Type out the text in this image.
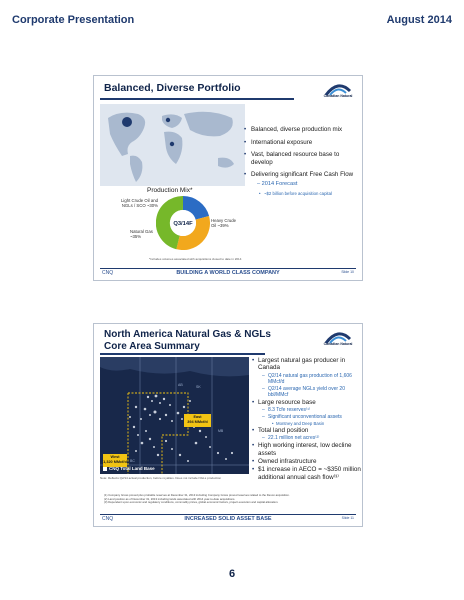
Corporate Presentation	August 2014
Balanced, Diverse Portfolio
Canadian Natural
• Balanced, diverse production mix
• International exposure
• Vast, balanced resource base to develop
• Delivering significant Free Cash Flow
– 2014 Forecast
• ~$2 billion before acquisition capital
Production Mix*
Q3/14F
Light Crude Oil and NGLs / SCO ~30%
Heavy Crude Oil ~39%
Natural Gas ~35%
*Includes volumes associated with acquisitions closed to date in 2014
CNQ	BUILDING A WORLD CLASS COMPANY	Slide 10
North America Natural Gas & NGLs
Core Area Summary	Canadian Natural
AB	SK
MB
BC
East
394 MMcf/d
West
1,320 MMcf/d
CNQ Total Land Base
Note: Reflects Q2/14 actual production, before royalties. Does not include NGLs production
• Largest natural gas producer in Canada
– Q2/14 natural gas production of 1,606 MMcf/d
– Q2/14 average NGLs yield over 20 bbl/MMcf
• Large resource base
– 8.3 Tcfe reserves⁽¹⁾
– Significant unconventional assets
• Montney and Deep Basin
• Total land position
– 22.1 million net acres⁽²⁾
• High working interest, low decline assets
• Owned infrastructure
• $1 increase in AECO = ~$350 million additional annual cash flow⁽³⁾
(1) Company Gross proved plus probable reserves at December 31, 2013 including Company Gross proved reserves related to the Devon acquisition.
(2) Land position as of December 31, 2013 including lands associated with 2014 year-to-date acquisitions.
(3) Dependent upon economic and regulatory conditions, commodity prices, global economic factors, project execution and capital allocation.
CNQ	INCREASED SOLID ASSET BASE	Slide 11
6
